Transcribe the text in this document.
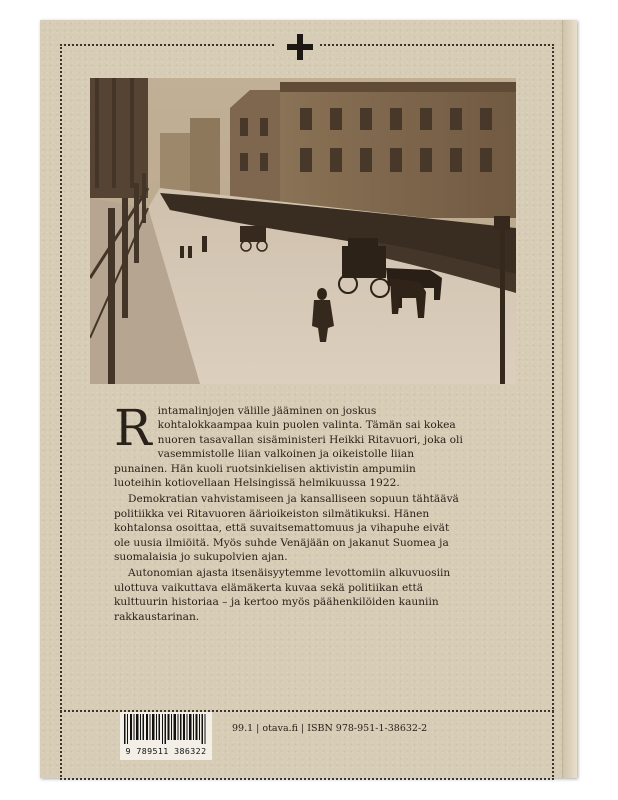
Rintamalinjojen välille jääminen on joskus kohtalokkaampaa kuin puolen valinta. Tämän sai kokea nuoren tasavallan sisäministeri Heikki Ritavuori, joka oli vasemmistolle liian valkoinen ja oikeistolle liian punainen. Hän kuoli ruotsinkielisen aktivistin ampumiin luoteihin kotiovellaan Helsingissä helmikuussa 1922.

Demokratian vahvistamiseen ja kansalliseen sopuun tähtäävä politiikka vei Ritavuoren äärioikeiston silmätikuksi. Hänen kohtalonsa osoittaa, että suvaitsemattomuus ja vihapuhe eivät ole uusia ilmiöitä. Myös suhde Venäjään on jakanut Suomea ja suomalaisia jo sukupolvien ajan.

Autonomian ajasta itsenäisyytemme levottomiin alkuvuosiin ulottuva vaikuttava elämäkerta kuvaa sekä politiikan että kulttuurin historiaa – ja kertoo myös päähenkilöiden kauniin rakkaustarinan.

9 789511 386322
99.1 | otava.fi | ISBN 978-951-1-38632-2
